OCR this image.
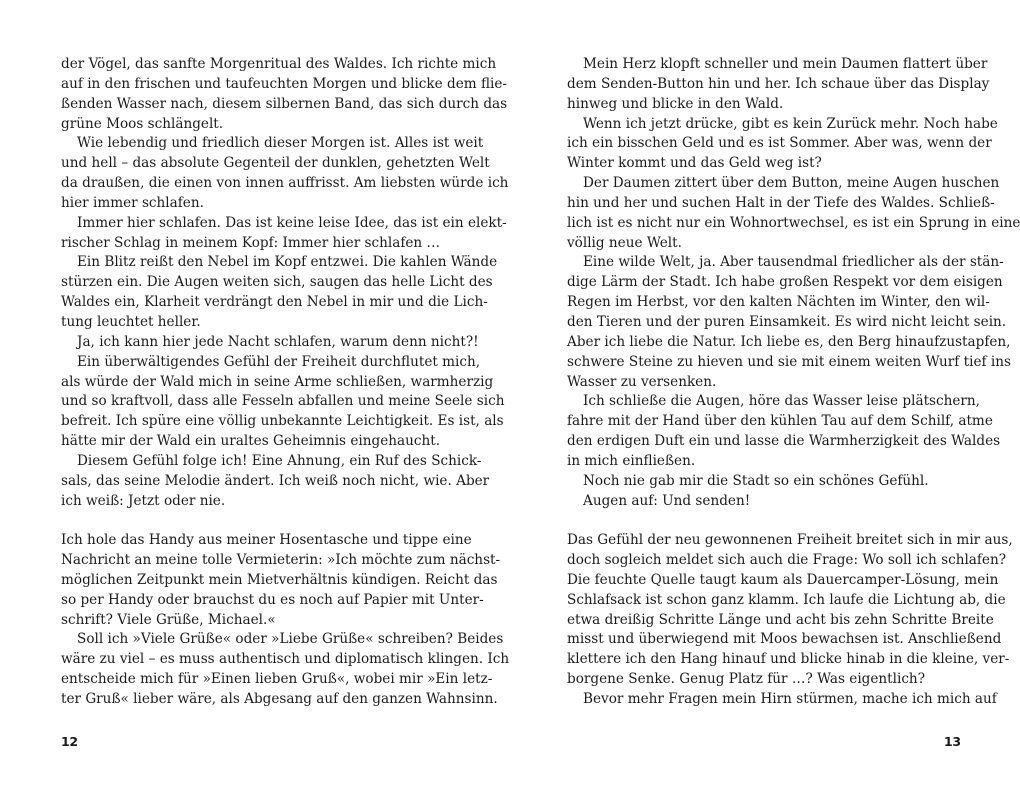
der Vögel, das sanfte Morgenritual des Waldes. Ich richte mich
auf in den frischen und taufeuchten Morgen und blicke dem flie-
ßenden Wasser nach, diesem silbernen Band, das sich durch das
grüne Moos schlängelt.
Wie lebendig und friedlich dieser Morgen ist. Alles ist weit
und hell – das absolute Gegenteil der dunklen, gehetzten Welt
da draußen, die einen von innen auffrisst. Am liebsten würde ich
hier immer schlafen.
Immer hier schlafen. Das ist keine leise Idee, das ist ein elekt-
rischer Schlag in meinem Kopf: Immer hier schlafen …
Ein Blitz reißt den Nebel im Kopf entzwei. Die kahlen Wände
stürzen ein. Die Augen weiten sich, saugen das helle Licht des
Waldes ein, Klarheit verdrängt den Nebel in mir und die Lich-
tung leuchtet heller.
Ja, ich kann hier jede Nacht schlafen, warum denn nicht?!
Ein überwältigendes Gefühl der Freiheit durchflutet mich,
als würde der Wald mich in seine Arme schließen, warmherzig
und so kraftvoll, dass alle Fesseln abfallen und meine Seele sich
befreit. Ich spüre eine völlig unbekannte Leichtigkeit. Es ist, als
hätte mir der Wald ein uraltes Geheimnis eingehaucht.
Diesem Gefühl folge ich! Eine Ahnung, ein Ruf des Schick-
sals, das seine Melodie ändert. Ich weiß noch nicht, wie. Aber
ich weiß: Jetzt oder nie.
Ich hole das Handy aus meiner Hosentasche und tippe eine
Nachricht an meine tolle Vermieterin: »Ich möchte zum nächst-
möglichen Zeitpunkt mein Mietverhältnis kündigen. Reicht das
so per Handy oder brauchst du es noch auf Papier mit Unter-
schrift? Viele Grüße, Michael.«
Soll ich »Viele Grüße« oder »Liebe Grüße« schreiben? Beides
wäre zu viel – es muss authentisch und diplomatisch klingen. Ich
entscheide mich für »Einen lieben Gruß«, wobei mir »Ein letz-
ter Gruß« lieber wäre, als Abgesang auf den ganzen Wahnsinn.
Mein Herz klopft schneller und mein Daumen flattert über
dem Senden-Button hin und her. Ich schaue über das Display
hinweg und blicke in den Wald.
Wenn ich jetzt drücke, gibt es kein Zurück mehr. Noch habe
ich ein bisschen Geld und es ist Sommer. Aber was, wenn der
Winter kommt und das Geld weg ist?
Der Daumen zittert über dem Button, meine Augen huschen
hin und her und suchen Halt in der Tiefe des Waldes. Schließ-
lich ist es nicht nur ein Wohnortwechsel, es ist ein Sprung in eine
völlig neue Welt.
Eine wilde Welt, ja. Aber tausendmal friedlicher als der stän-
dige Lärm der Stadt. Ich habe großen Respekt vor dem eisigen
Regen im Herbst, vor den kalten Nächten im Winter, den wil-
den Tieren und der puren Einsamkeit. Es wird nicht leicht sein.
Aber ich liebe die Natur. Ich liebe es, den Berg hinaufzustapfen,
schwere Steine zu hieven und sie mit einem weiten Wurf tief ins
Wasser zu versenken.
Ich schließe die Augen, höre das Wasser leise plätschern,
fahre mit der Hand über den kühlen Tau auf dem Schilf, atme
den erdigen Duft ein und lasse die Warmherzigkeit des Waldes
in mich einfließen.
Noch nie gab mir die Stadt so ein schönes Gefühl.
Augen auf: Und senden!
Das Gefühl der neu gewonnenen Freiheit breitet sich in mir aus,
doch sogleich meldet sich auch die Frage: Wo soll ich schlafen?
Die feuchte Quelle taugt kaum als Dauercamper-Lösung, mein
Schlafsack ist schon ganz klamm. Ich laufe die Lichtung ab, die
etwa dreißig Schritte Länge und acht bis zehn Schritte Breite
misst und überwiegend mit Moos bewachsen ist. Anschließend
klettere ich den Hang hinauf und blicke hinab in die kleine, ver-
borgene Senke. Genug Platz für …? Was eigentlich?
Bevor mehr Fragen mein Hirn stürmen, mache ich mich auf
12	13
